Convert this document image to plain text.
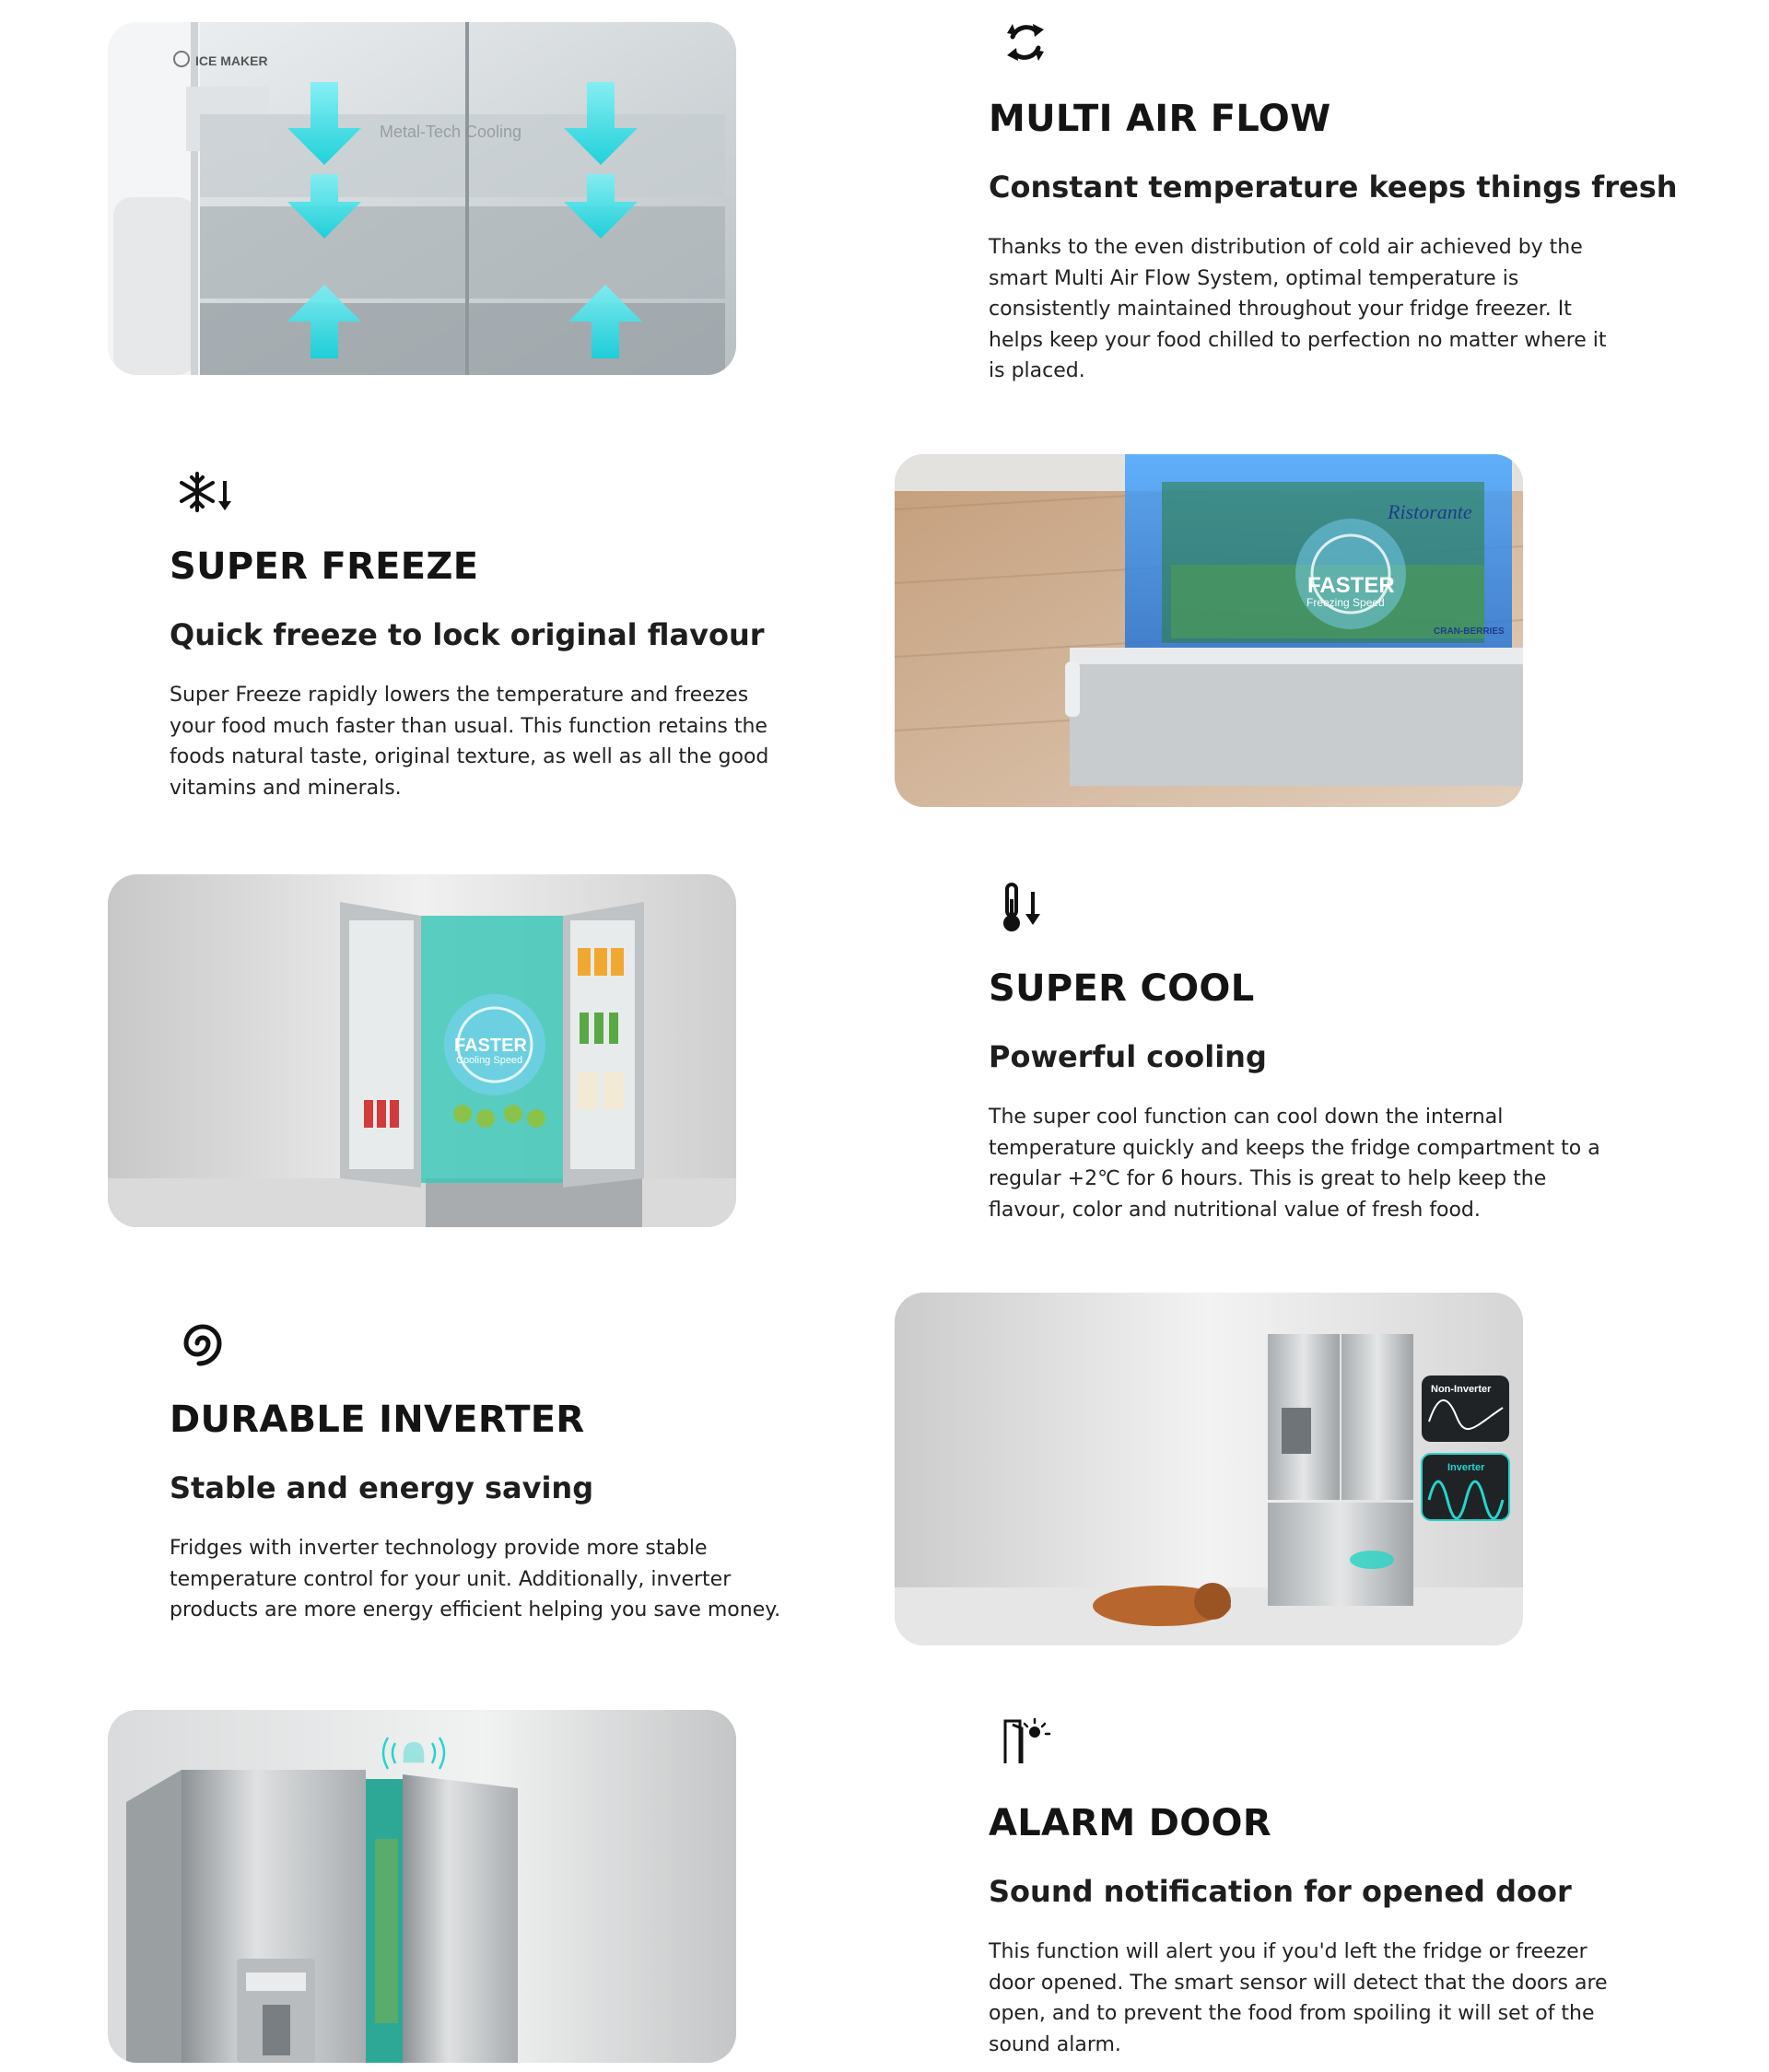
ICE MAKER
Metal-Tech Cooling	MULTI AIR FLOW
Constant temperature keeps things fresh

Thanks to the even distribution of cold air achieved by the smart Multi Air Flow System, optimal temperature is consistently maintained throughout your fridge freezer. It helps keep your food chilled to perfection no matter where it is placed.

SUPER FREEZE
Quick freeze to lock original flavour

Super Freeze rapidly lowers the temperature and freezes your food much faster than usual. This function retains the foods natural taste, original texture, as well as all the good vitamins and minerals.

FASTER
Freezing Speed
Ristorante
CRAN-BERRIES
FASTER
Cooling Speed
SUPER COOL
Powerful cooling

The super cool function can cool down the internal temperature quickly and keeps the fridge compartment to a regular +2℃ for 6 hours. This is great to help keep the flavour, color and nutritional value of fresh food.

DURABLE INVERTER
Stable and energy saving

Fridges with inverter technology provide more stable temperature control for your unit. Additionally, inverter products are more energy efficient helping you save money.

Non-Inverter
Inverter
ALARM DOOR
Sound notification for opened door

This function will alert you if you'd left the fridge or freezer door opened. The smart sensor will detect that the doors are open, and to prevent the food from spoiling it will set of the sound alarm.
